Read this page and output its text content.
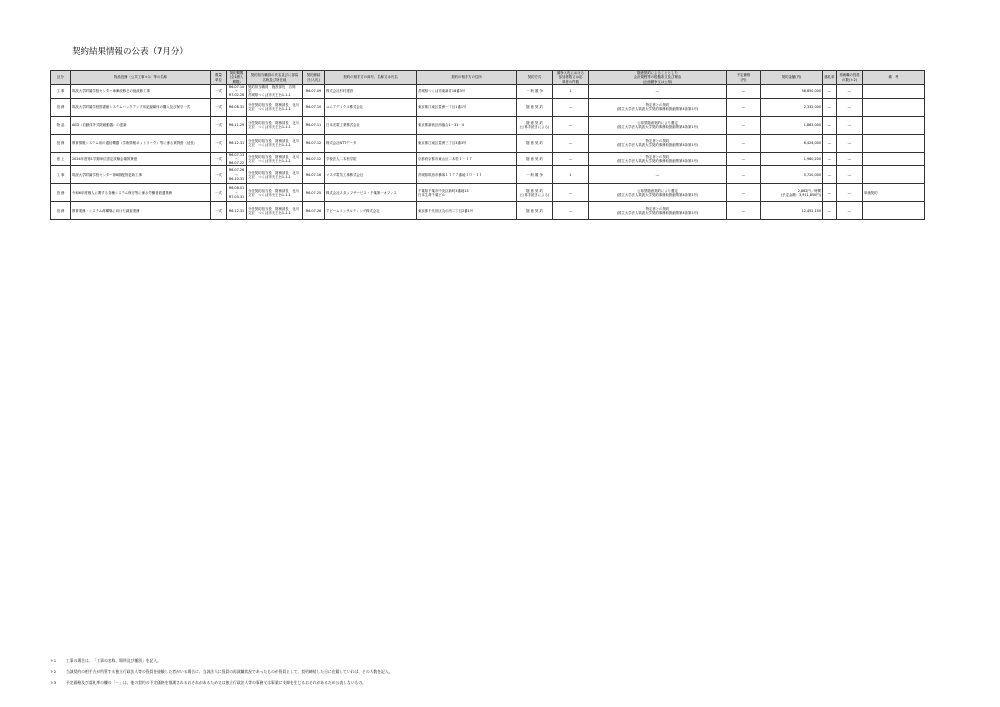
契約結果情報の公表（7月分）
区分	物品役務（公共工事＊1）等の名称	数量
単位	契約期間
(全1納入
期限)	契約担当職員の氏名並びに部局
名称及び所在地	契約締結
日(入札)	契約の相手方の商号、名称又は氏名	契約の相手方の住所	契約方式	競争入札における
参加者数又は応
募者の件数	随意契約によることとした
会計規程等の根拠条文及び理由
(企画競争又は公募)	予定価格
(円)	契約金額(円)	落札率	再就職の役員
の数(＊2)	備　考
工 事	筑波大学附属学校センター車庫改修その他改修工事	一式	R6.07.10～
R7.02.28	契約担当職員　施設部長　吉岡　弘
茨城県つくば市天王台1-1-1	R6.07.09	株式会社杉村建設	茨城県つくば市東新井18番3号	一 般 競 争	1	―	―	58,850,000	―	―	
役 務	筑波大学附属学校図書館システムバックアップ用記録媒体の購入及び保守一式	一式	R6.08.31	分任契約担当役　財務部長　北川
文宏　つくば市天王台1-1-1	R6.07.10	ユニアデックス株式会社	東京都江東区豊洲一丁目1番1号	随 意 契 約	―	特定者との契約
(国立大学法人筑波大学契約事務取扱細則第4条第1号)	―	2,332,000	―	―	
物 品	AED（自動体外式除細動器）の更新	一式	R6.11.29	分任契約担当役　財務部長　北川
文宏　つくば市天王台1-1-1	R6.07.11	日本光電工業株式会社	東京都新宿区西落合1－31－4	随 意 契 約
(公募手続きによる)	―	公募型随意契約により選定
(国立大学法人筑波大学契約事務取扱細則第4条第1号)	―	1,863,000	―	―	
役 務	教育情報システム用の通信機器（学術情報ネットワーク）等に係る賃貸借（延長）	一式	R6.12.31	分任契約担当役　財務部長　北川
文宏　つくば市天王台1-1-1	R6.07.12	株式会社NTTデータ	東京都江東区豊洲三丁目3番3号	随 意 契 約	―	特定者との契約
(国立大学法人筑波大学契約事務取扱細則第4条第1号)	―	6,424,000	―	―	
借 上	2024年度第1学期単位認定試験会場賃貸借	一式	R6.07.13～
R6.07.22	分任契約担当役　財務部長　北川
文宏　つくば市天王台1-1-1	R6.07.12	学校法人二本松学院	京都府京都市東山区二本松１－１７	随 意 契 約	―	特定者との契約
(国立大学法人筑波大学契約事務取扱細則第4条第1号)	―	1,980,200	―	―	
工 事	筑波大学附属学校センター第8期配管更新工事	一式	R6.07.26～
R6.10.31	分任契約担当役　財務部長　北川
文宏　つくば市天王台1-1-1	R6.07.16	マスダ電気工事株式会社	茨城県筑西市横塚１１７７番地１０－１１	一 般 競 争	1	―	―	5,720,000	―	―	
役 務	令和6年度個人に関する各種システム保守等に係る労働者派遣業務	一式	R6.08.01～
R7.03.31	分任契約担当役　財務部長　北川
文宏　つくば市天王台1-1-1	R6.07.25	株式会社スタッフサービス・千葉第一オフィス	千葉県千葉市中央区新町3番地13
日本生命千葉ビル	随 意 契 約
(公募手続きによる)	―	公募型随意契約により選定
(国立大学法人筑波大学契約事務取扱細則第4条第1号)	―	2,862円／時間
(予定金額：3,911,850円)	―	―	単価契約
役 務	教育業務・システム再構築に向けた調査業務	一式	R6.12.31	分任契約担当役　財務部長　北川
文宏　つくば市天王台1-1-1	R6.07.26	アビームコンサルティング株式会社	東京都千代田区丸の内二丁目2番1号	随 意 契 約	―	特定者との契約
(国立大学法人筑波大学契約事務取扱細則第4条第1号)	―	12,452,150	―	―	
＊1	工事の場合は、「工事の名称、場所及び種別」を記入。
＊2	当該契約の相手方が所管する独立行政法人等の役員を経験した者がいる場合に、当該法人に役員の再就職状況であったものが役員として、契約締結した日に在籍していれば、その人数を記入。
＊3	予定価格及び落札率の欄の「－」は、他の契約の予定価格を推測されるおそれがあるため又は独立行政法人等の事務又は事業に支障を生じるおそれがあるため公表しないもの。
